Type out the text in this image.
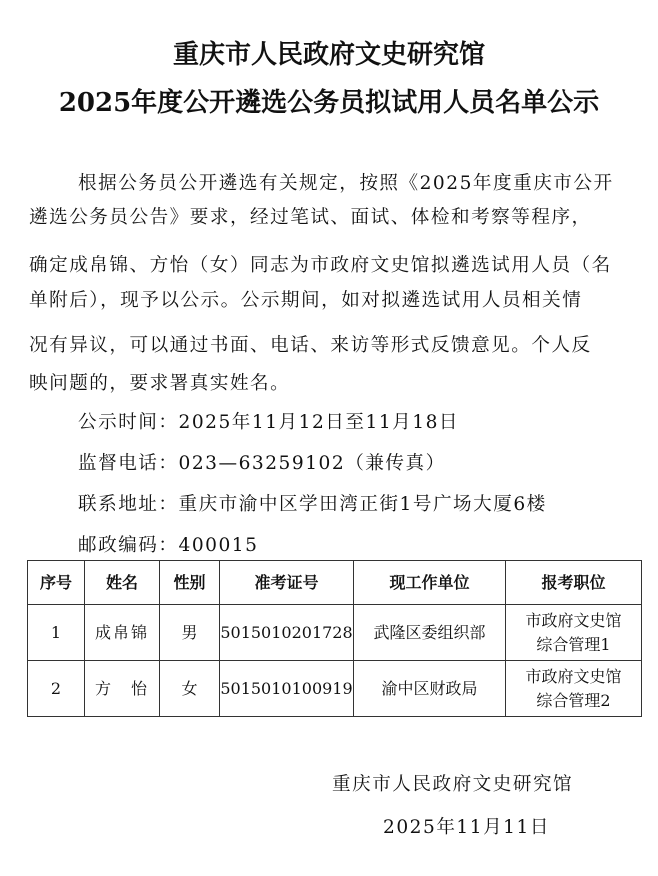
重庆市人民政府文史研究馆
2025年度公开遴选公务员拟试用人员名单公示
根据公务员公开遴选有关规定，按照《2025年度重庆市公开
遴选公务员公告》要求，经过笔试、面试、体检和考察等程序，
确定成帛锦、方怡（女）同志为市政府文史馆拟遴选试用人员（名
单附后），现予以公示。公示期间，如对拟遴选试用人员相关情
况有异议，可以通过书面、电话、来访等形式反馈意见。个人反
映问题的，要求署真实姓名。
公示时间：2025年11月12日至11月18日
监督电话：023—63259102（兼传真）
联系地址：重庆市渝中区学田湾正街1号广场大厦6楼
邮政编码：400015
序号	姓名	性别	准考证号	现工作单位	报考职位
1	成帛锦	男	5015010201728	武隆区委组织部	市政府文史馆
综合管理1

2	方　怡	女	5015010100919	渝中区财政局	市政府文史馆
综合管理2
重庆市人民政府文史研究馆
2025年11月11日
